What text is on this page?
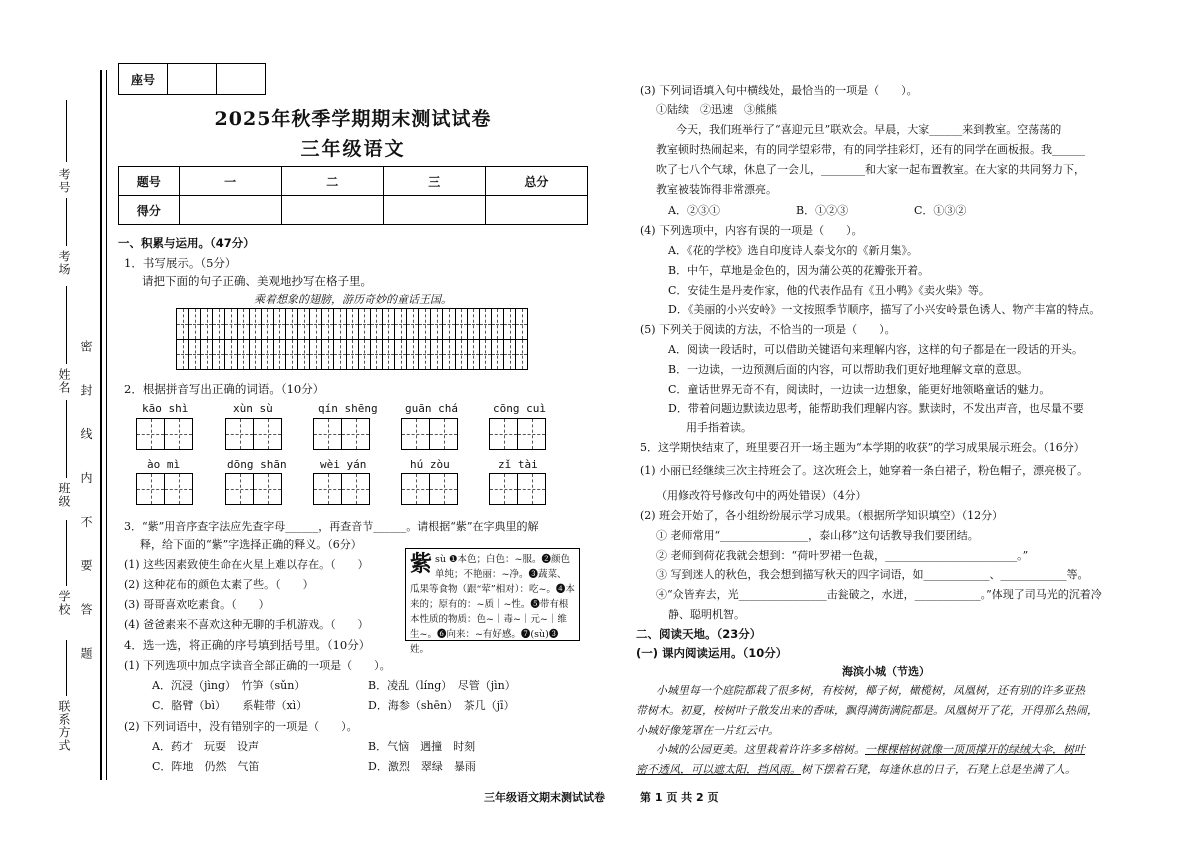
考号
考场
姓名
班级
学校
联系方式
密 封 线 内 不 要 答 题
座号		
2025年秋季学期期末测试试卷
三年级语文
题号	一	二	三	总分
得分				
一、积累与运用。（47分）
1．书写展示。（5分）
请把下面的句子正确、美观地抄写在格子里。
乘着想象的翅膀，游历奇妙的童话王国。
2．根据拼音写出正确的词语。（10分）
kāo shì	xùn sù	qín shēng guān chá	cōng cuì
ào mì	dōng shān	wèi yán	hú zòu	zǐ tài
3．“紫”用音序查字法应先查字母______，再查音节______。请根据“紫”在字典里的解
释，给下面的“紫”字选择正确的释义。（6分）
(1) 这些因素致使生命在火星上难以存在。（　　）
(2) 这种花布的颜色太素了些。（　　）
(3) 哥哥喜欢吃素食。（　　）
(4) 爸爸素来不喜欢这种无聊的手机游戏。（　　）
紫sù ❶本色；白色：~服。❷颜色单纯；不艳丽：~净。❸蔬菜、瓜果等食物（跟“荤”相对）：吃~。❹本来的；原有的：~质｜~性。❺带有根本性质的物质：色~｜毒~｜元~｜维生~。❻向来：~有好感。❼(sù)❸姓。
4．选一选，将正确的序号填到括号里。（10分）
(1) 下列选项中加点字读音全部正确的一项是（　　）。
A．沉浸（jìng）　竹笋（sǔn）	B．凌乱（líng）　尽管（jìn）
C．胳臂（bì）　　系鞋带（xì）	D．海参（shēn）　茶几（jī）
(2) 下列词语中，没有错别字的一项是（　　）。
A．药才　玩耍　设声	B．气恼　遇撞　时刻
C．阵地　仍然　气笛	D．激烈　翠绿　暴雨
(3) 下列词语填入句中横线处，最恰当的一项是（　　）。
①陆续　②迅速　③熊熊
今天，我们班举行了“喜迎元旦”联欢会。早晨，大家______来到教室。空荡荡的
教室顿时热闹起来，有的同学望彩带，有的同学挂彩灯，还有的同学在画板报。我______
吹了七八个气球，休息了一会儿，________和大家一起布置教室。在大家的共同努力下，
教室被装饰得非常漂亮。
A．②③①	B．①②③	C．①③②
(4) 下列选项中，内容有误的一项是（　　）。
A．《花的学校》选自印度诗人泰戈尔的《新月集》。
B．中午，草地是金色的，因为蒲公英的花瓣张开着。
C．安徒生是丹麦作家，他的代表作品有《丑小鸭》《卖火柴》等。
D．《美丽的小兴安岭》一文按照季节顺序，描写了小兴安岭景色诱人、物产丰富的特点。
(5) 下列关于阅读的方法，不恰当的一项是（　　）。
A．阅读一段话时，可以借助关键语句来理解内容，这样的句子都是在一段话的开头。
B．一边读，一边预测后面的内容，可以帮助我们更好地理解文章的意思。
C．童话世界无奇不有，阅读时，一边读一边想象，能更好地领略童话的魅力。
D．带着问题边默读边思考，能帮助我们理解内容。默读时，不发出声音，也尽量不要
用手指着读。
5．这学期快结束了，班里要召开一场主题为“本学期的收获”的学习成果展示班会。（16分）
(1) 小丽已经继续三次主持班会了。这次班会上，她穿着一条白裙子，粉色帽子，漂亮极了。
（用修改符号修改句中的两处错误）（4分）
(2) 班会开始了，各小组纷纷展示学习成果。（根据所学知识填空）（12分）
① 老师常用“________________，泰山移”这句话教导我们要团结。
② 老师到荷花我就会想到：“荷叶罗裙一色裁，________________________。”
③ 写到迷人的秋色，我会想到描写秋天的四字词语，如____________、____________等。
④“众皆弃去，光________________击瓮破之，水迸，____________。”体现了司马光的沉着冷
静、聪明机智。
二、阅读天地。（23分）
(一) 课内阅读运用。（10分）
海滨小城（节选）
小城里每一个庭院都栽了很多树，有桉树，椰子树，橄榄树，凤凰树，还有别的许多亚热
带树木。初夏，桉树叶子散发出来的香味，飘得满街满院都是。凤凰树开了花，开得那么热闹，
小城好像笼罩在一片红云中。
小城的公园更美。这里栽着许许多多榕树。一棵棵榕树就像一顶顶撑开的绿绒大伞，树叶
密不透风，可以遮太阳，挡风雨。树下摆着石凳，每逢休息的日子，石凳上总是坐满了人。
三年级语文期末测试试卷	第 1 页 共 2 页
